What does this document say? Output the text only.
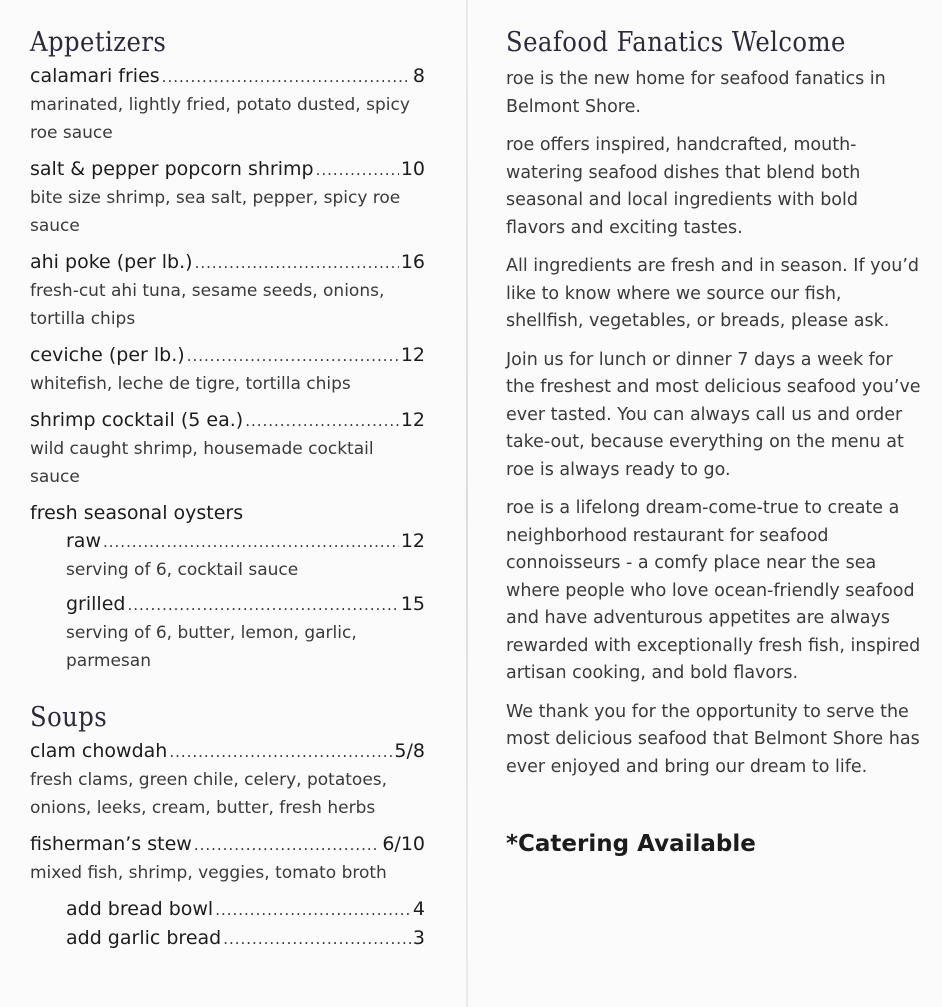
Appetizers
calamari fries .....	8
marinated, lightly fried, potato dusted, spicy roe sauce
salt & pepper popcorn shrimp .....	10
bite size shrimp, sea salt, pepper, spicy roe sauce
ahi poke (per lb.) .....	16
fresh-cut ahi tuna, sesame seeds, onions, tortilla chips
ceviche (per lb.) .....	12
whitefish, leche de tigre, tortilla chips
shrimp cocktail (5 ea.) .....	12
wild caught shrimp, housemade cocktail sauce
fresh seasonal oysters
raw .....	12
serving of 6, cocktail sauce
grilled .....	15
serving of 6, butter, lemon, garlic, parmesan
Soups
clam chowdah .....	5/8
fresh clams, green chile, celery, potatoes, onions, leeks, cream, butter, fresh herbs
fisherman’s stew .....	6/10
mixed fish, shrimp, veggies, tomato broth
add bread bowl .....	4
add garlic bread .....	3
Seafood Fanatics Welcome

roe is the new home for seafood fanatics in Belmont Shore.

roe offers inspired, handcrafted, mouth-watering seafood dishes that blend both seasonal and local ingredients with bold flavors and exciting tastes.

All ingredients are fresh and in season. If you’d like to know where we source our fish, shellfish, vegetables, or breads, please ask.

Join us for lunch or dinner 7 days a week for the freshest and most delicious seafood you’ve ever tasted. You can always call us and order take-out, because everything on the menu at roe is always ready to go.

roe is a lifelong dream-come-true to create a neighborhood restaurant for seafood connoisseurs - a comfy place near the sea where people who love ocean-friendly seafood and have adventurous appetites are always rewarded with exceptionally fresh fish, inspired artisan cooking, and bold flavors.

We thank you for the opportunity to serve the most delicious seafood that Belmont Shore has ever enjoyed and bring our dream to life.

*Catering Available
